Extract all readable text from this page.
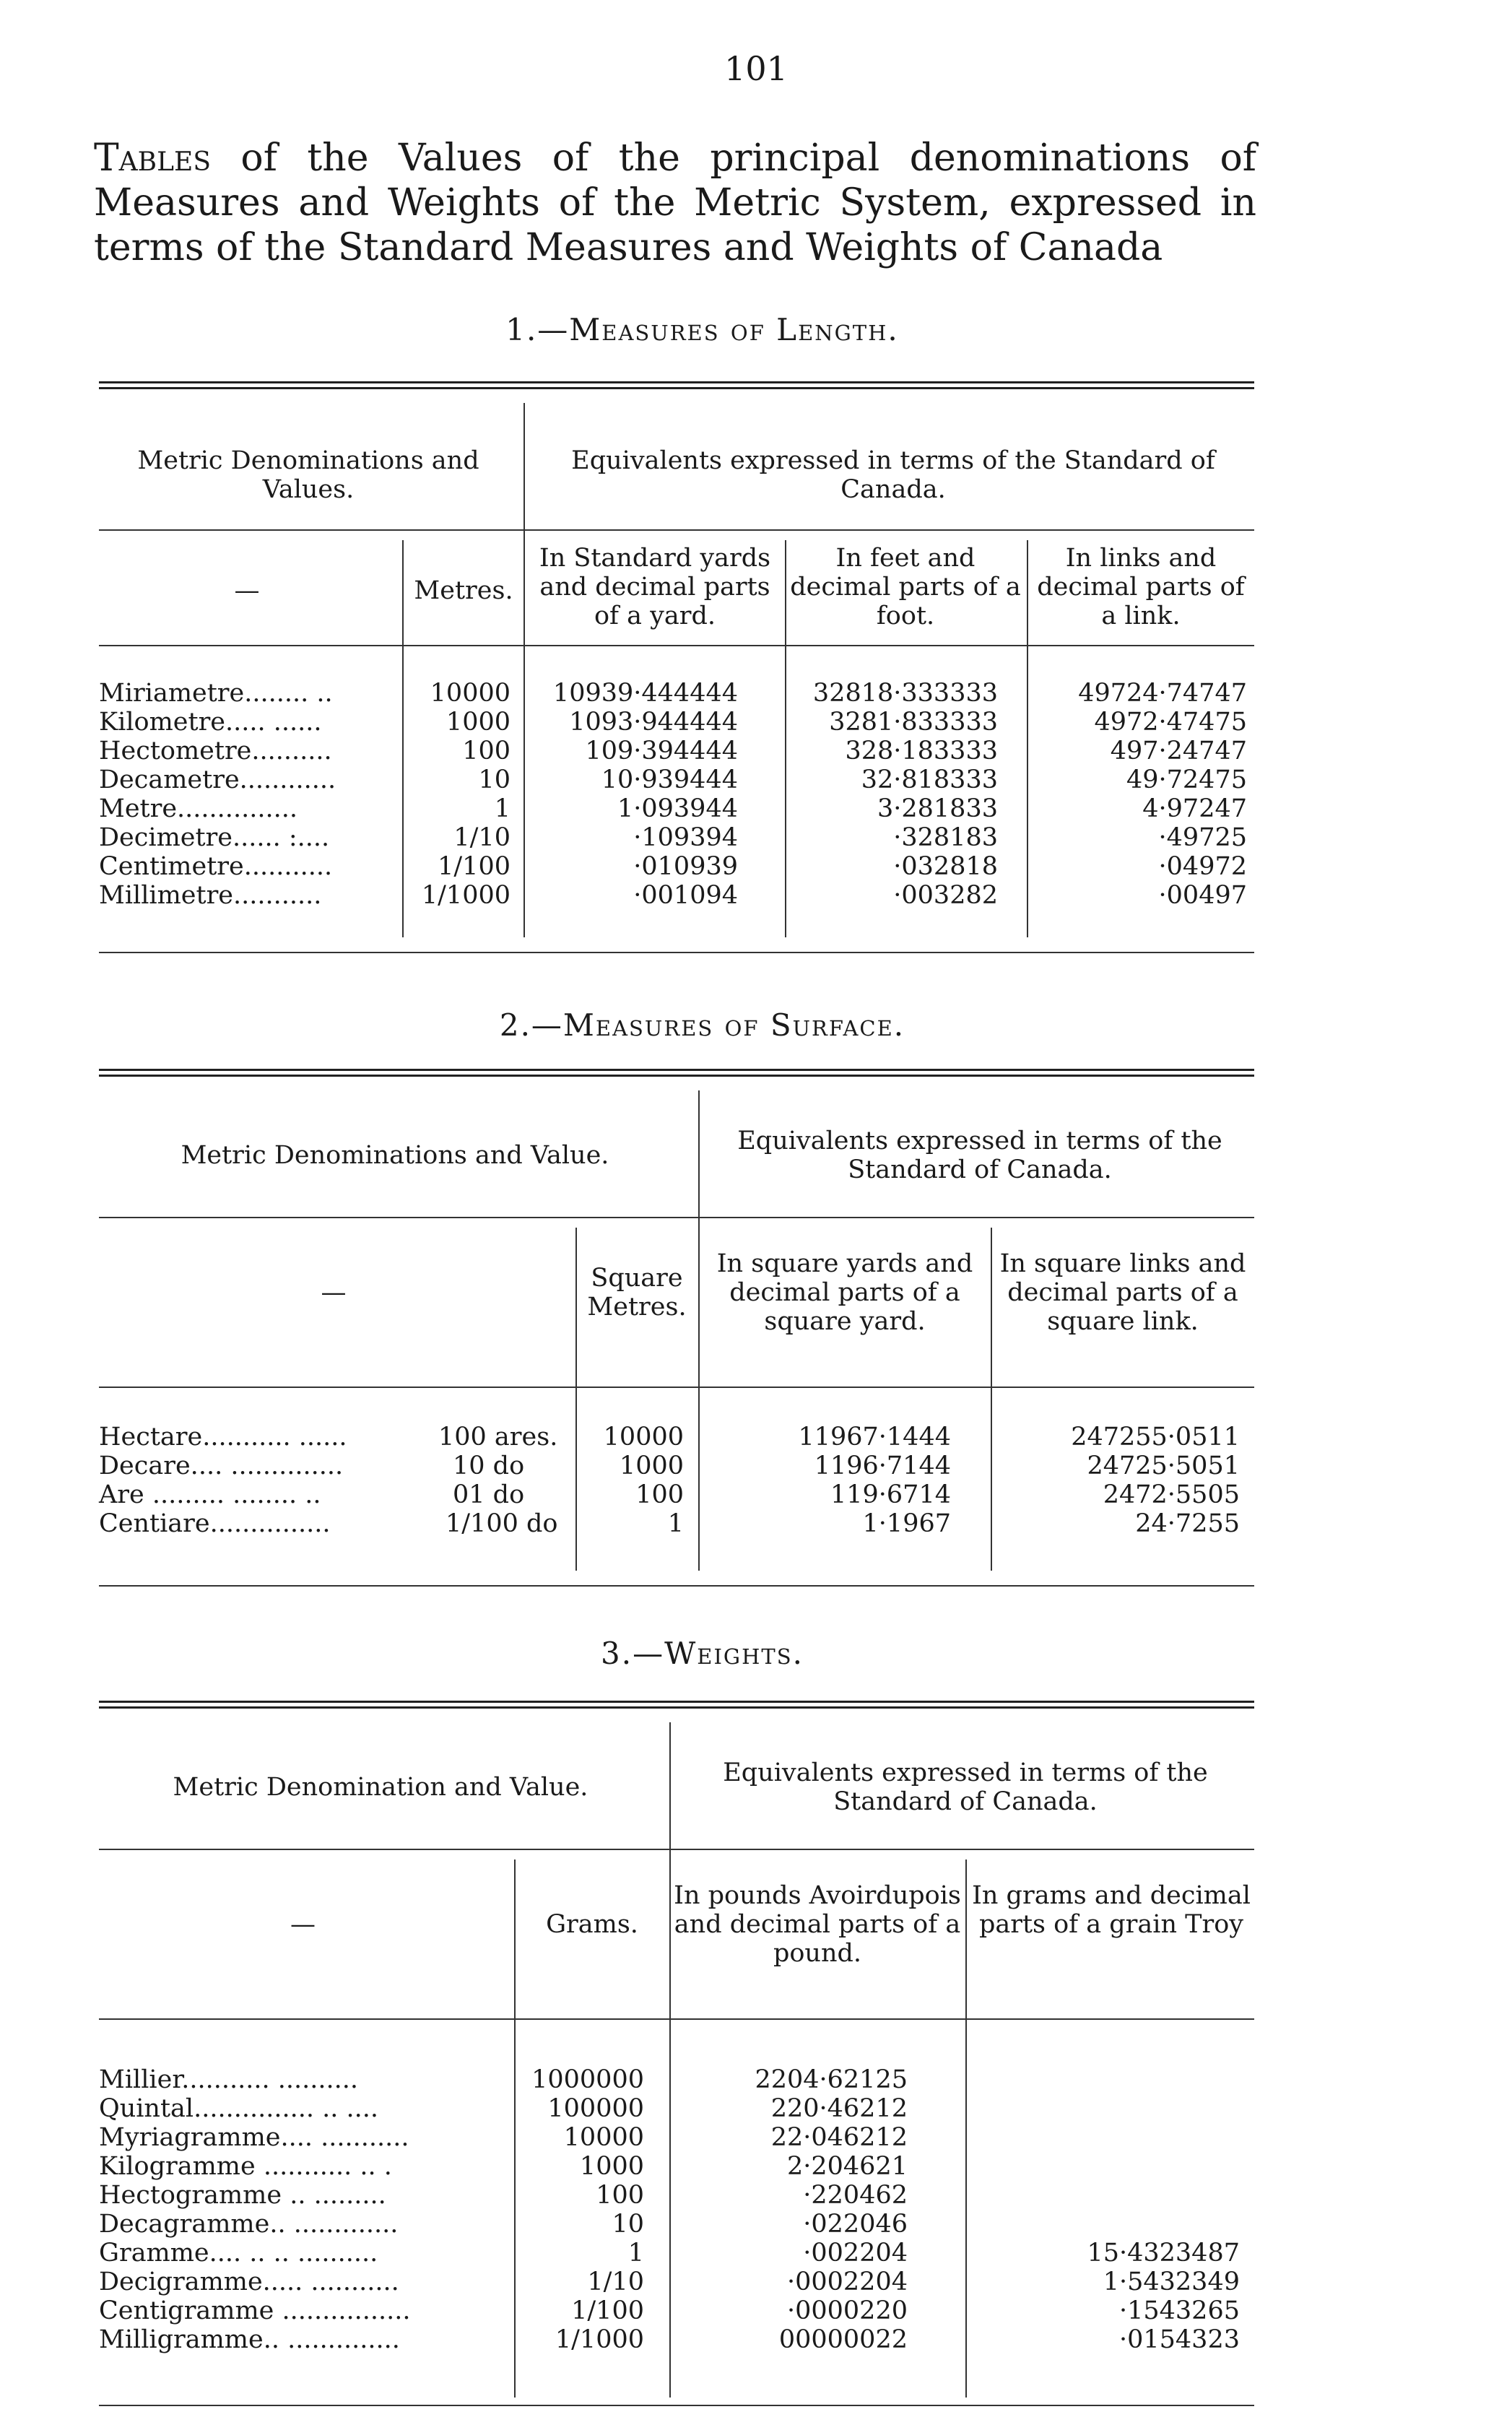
101
Tables of the Values of the principal denominations of Measures and Weights of the Metric System, expressed in terms of the Standard Measures and Weights of Canada
1.—Measures of Length.
Metric Denominations and Values.
Equivalents expressed in terms of the Standard of Canada.
—	Metres.
In Standard yards and decimal parts of a yard.
In feet and decimal parts of a foot.
In links and decimal parts of a link.
Miriametre........ ..	10000	10939·444444	32818·333333	49724·74747
Kilometre..... ......	1000	1093·944444	3281·833333	4972·47475
Hectometre..........	100	109·394444	328·183333	497·24747
Decametre............	10	10·939444	32·818333	49·72475
Metre...............	1	1·093944	3·281833	4·97247
Decimetre...... :....	1/10	·109394	·328183	·49725
Centimetre...........	1/100	·010939	·032818	·04972
Millimetre...........	1/1000	·001094	·003282	·00497
2.—Measures of Surface.
Metric Denominations and Value.	Equivalents expressed in terms of the Standard of Canada.
—	Square Metres.
In square yards and decimal parts of a square yard.
In square links and decimal parts of a square link.
Hectare........... ......	100 ares.	10000	11967·1444	247255·0511
Decare.... ..............	10 do	1000	1196·7144	24725·5051
Are ......... ........ ..	01 do	100	119·6714	2472·5505
Centiare...............	1/100 do	1	1·1967	24·7255
3.—Weights.
Metric Denomination and Value.	Equivalents expressed in terms of the Standard of Canada.
—	Grams.
In pounds Avoirdupois and decimal parts of a pound.
In grams and decimal parts of a grain Troy
Millier........... ..........	1000000	2204·62125
Quintal............... .. ....	100000	220·46212
Myriagramme.... ...........	10000	22·046212
Kilogramme ........... .. .	1000	2·204621
Hectogramme .. .........	100	·220462
Decagramme.. .............	10	·022046
Gramme.... .. .. ..........	1	·002204	15·4323487
Decigramme..... ...........	1/10	·0002204	1·5432349
Centigramme ................	1/100	·0000220	·1543265
Milligramme.. ..............	1/1000	00000022	·0154323
